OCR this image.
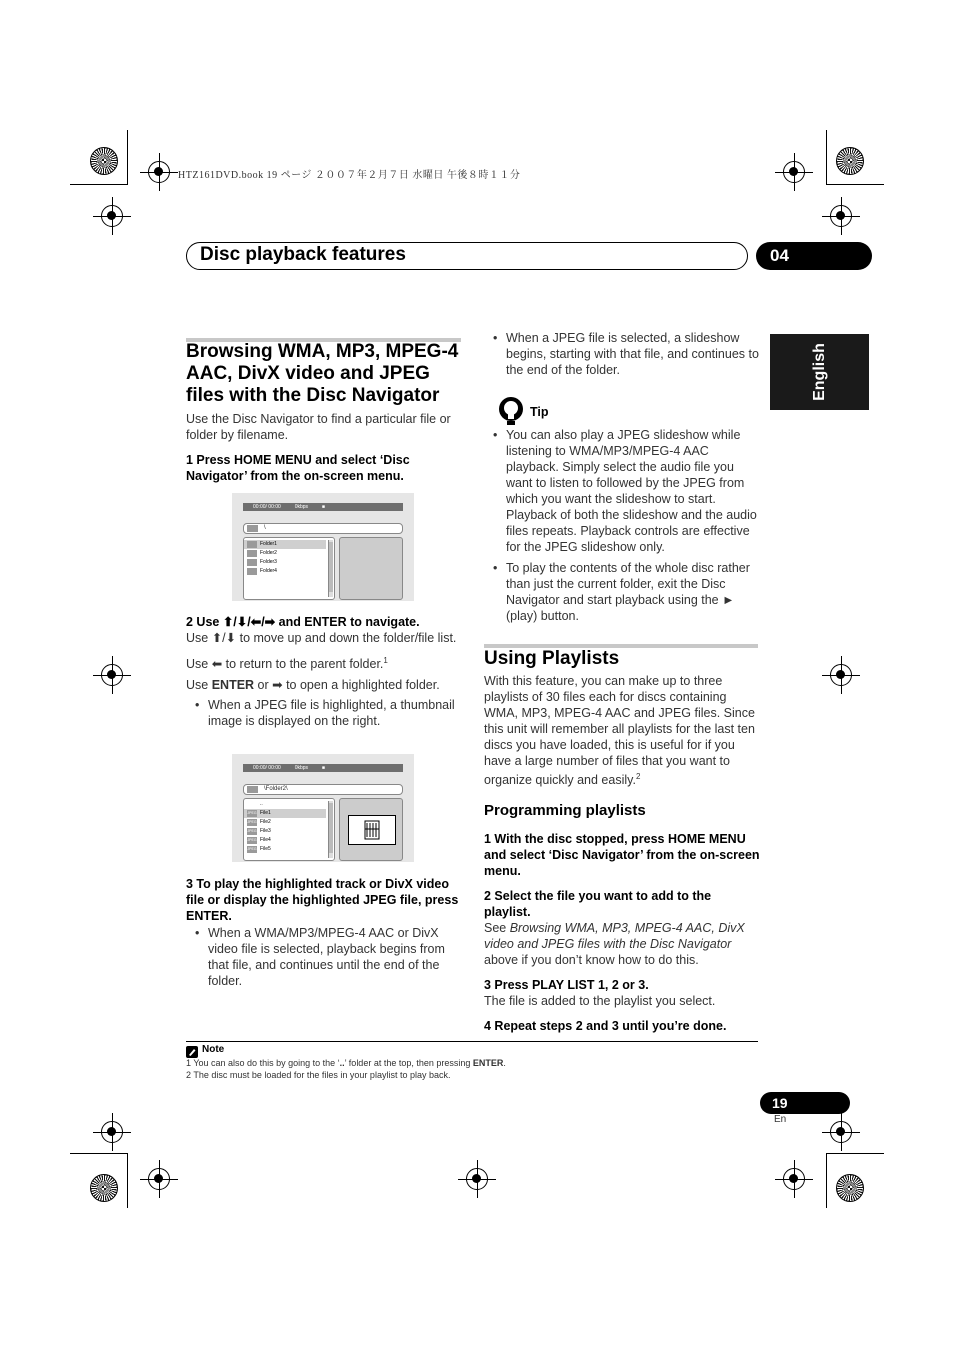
HTZ161DVD.book 19 ページ ２００７年２月７日 水曜日 午後８時１１分
Disc playback features	04
English
Browsing WMA, MP3, MPEG-4 AAC, DivX video and JPEG files with the Disc Navigator
Use the Disc Navigator to find a particular file or folder by filename.
1 Press HOME MENU and select ‘Disc Navigator’ from the on-screen menu.
00:00/ 00:00          0kbps          ■
\
Folder1
Folder2
Folder3
Folder4
2 Use ⬆/⬇/⬅/➡ and ENTER to navigate.
Use ⬆/⬇ to move up and down the folder/file list.
Use ⬅ to return to the parent folder.$^1$
Use ENTER or ➡ to open a highlighted folder.
• When a JPEG file is highlighted, a thumbnail image is displayed on the right.
00:00/ 00:00          0kbps          ■
\Folder2\
..
JPEG File1
JPEG File2
JPEG File3
JPEG File4
JPEG File5
3 To play the highlighted track or DivX video file or display the highlighted JPEG file, press ENTER.
• When a WMA/MP3/MPEG-4 AAC or DivX video file is selected, playback begins from that file, and continues until the end of the folder.
• When a JPEG file is selected, a slideshow begins, starting with that file, and continues to the end of the folder.
Tip
• You can also play a JPEG slideshow while listening to WMA/MP3/MPEG-4 AAC playback. Simply select the audio file you want to listen to followed by the JPEG from which you want the slideshow to start. Playback of both the slideshow and the audio files repeats. Playback controls are effective for the JPEG slideshow only.
• To play the contents of the whole disc rather than just the current folder, exit the Disc Navigator and start playback using the ► (play) button.
Using Playlists
With this feature, you can make up to three playlists of 30 files each for discs containing WMA, MP3, MPEG-4 AAC and JPEG files. Since this unit will remember all playlists for the last ten discs you have loaded, this is useful for if you have a large number of files that you want to organize quickly and easily.$^2$
Programming playlists
1 With the disc stopped, press HOME MENU and select ‘Disc Navigator’ from the on-screen menu.
2 Select the file you want to add to the playlist.
See Browsing WMA, MP3, MPEG-4 AAC, DivX video and JPEG files with the Disc Navigator above if you don’t know how to do this.
3 Press PLAY LIST 1, 2 or 3.
The file is added to the playlist you select.
4 Repeat steps 2 and 3 until you’re done.
Note
1 You can also do this by going to the ‘..’ folder at the top, then pressing ENTER.
2 The disc must be loaded for the files in your playlist to play back.
19
En
